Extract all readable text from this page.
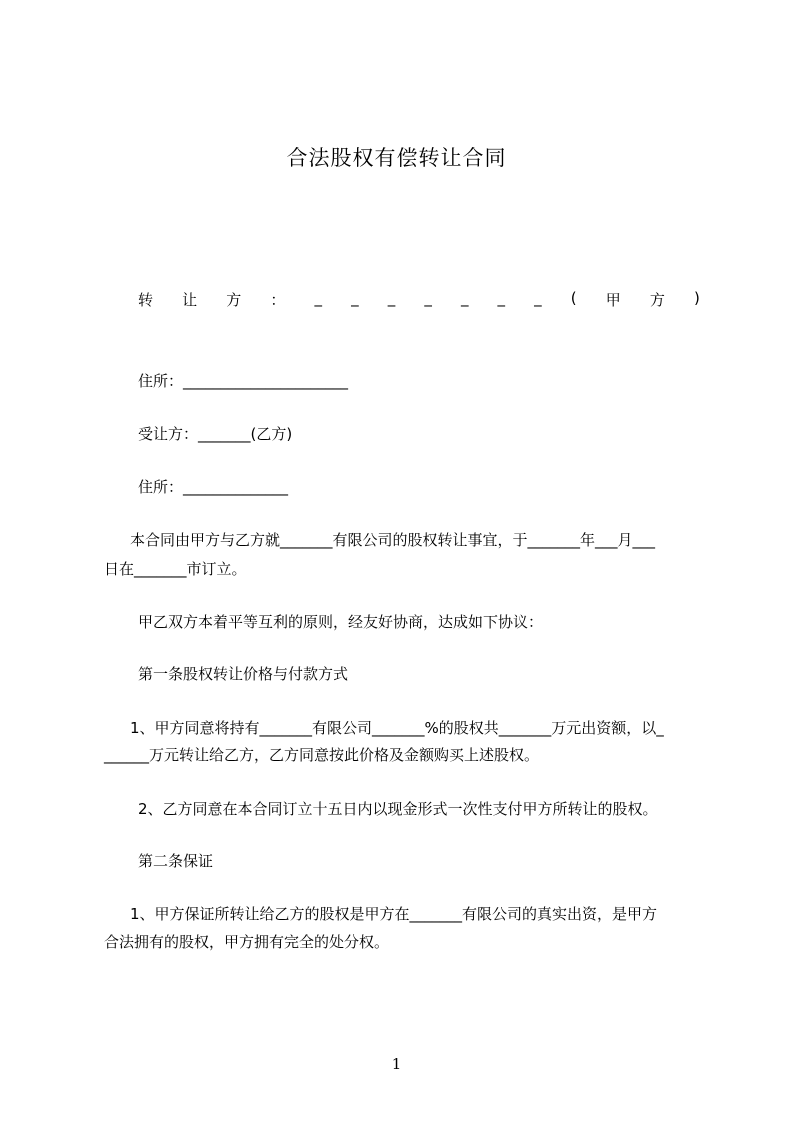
合法股权有偿转让合同
转 让 方 ： _ _ _ _ _ _ _ ( 甲 方 )
住所：______________________
受让方：_______(乙方)
住所：______________
本合同由甲方与乙方就_______有限公司的股权转让事宜，于_______年___月___
日在_______市订立。
甲乙双方本着平等互利的原则，经友好协商，达成如下协议：
第一条股权转让价格与付款方式
1、甲方同意将持有_______有限公司_______%的股权共_______万元出资额，以_
______万元转让给乙方，乙方同意按此价格及金额购买上述股权。
2、乙方同意在本合同订立十五日内以现金形式一次性支付甲方所转让的股权。
第二条保证
1、甲方保证所转让给乙方的股权是甲方在_______有限公司的真实出资，是甲方
合法拥有的股权，甲方拥有完全的处分权。
1
